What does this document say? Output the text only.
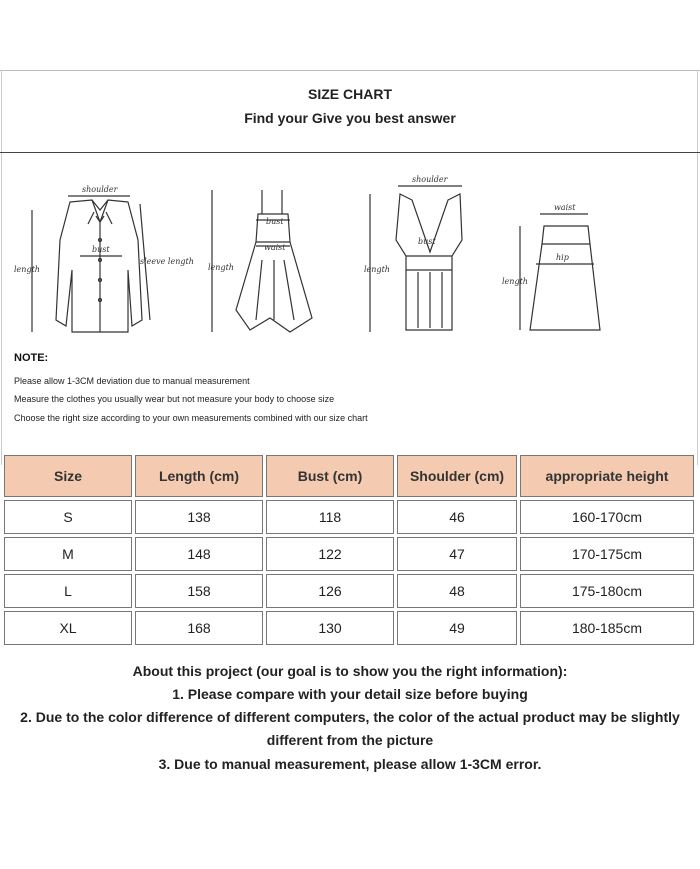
SIZE CHART
Find your Give you best answer
shoulder
bust
length
sleeve length
bust
waist
length
shoulder
bust
length
waist
hip
length
NOTE:
Please allow 1-3CM deviation due to manual measurement
Measure the clothes you usually wear but not measure your body to choose size
Choose the right size according to your own measurements combined with our size chart
Size	Length (cm)	Bust (cm)	Shoulder (cm)	appropriate height
S	138	118	46	160-170cm
M	148	122	47	170-175cm
L	158	126	48	175-180cm
XL	168	130	49	180-185cm
About this project (our goal is to show you the right information):
1. Please compare with your detail size before buying
2. Due to the color difference of different computers, the color of the actual product may be slightly
different from the picture
3. Due to manual measurement, please allow 1-3CM error.
